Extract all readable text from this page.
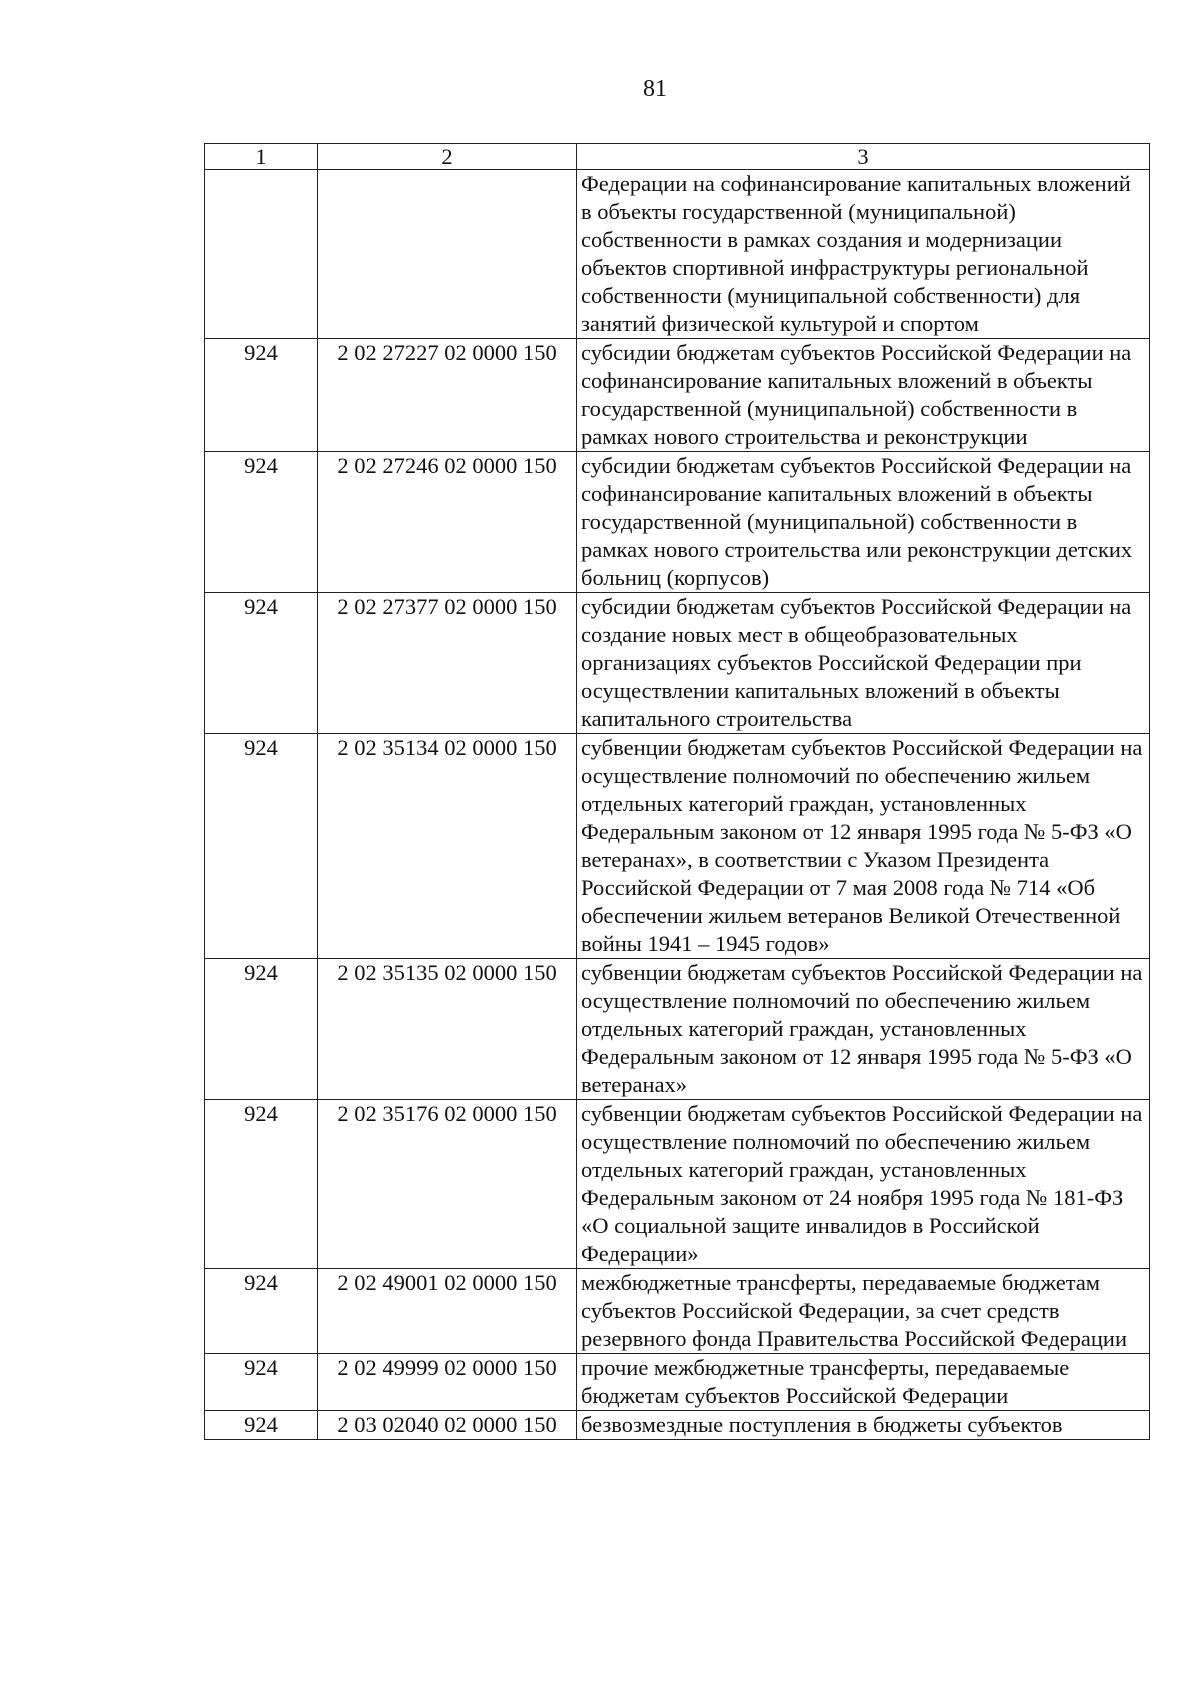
81
1	2	3
		Федерации на софинансирование капитальных вложений в объекты государственной (муниципальной) собственности в рамках создания и модернизации объектов спортивной инфраструктуры региональной собственности (муниципальной собственности) для занятий физической культурой и спортом
924	2 02 27227 02 0000 150	субсидии бюджетам субъектов Российской Федерации на софинансирование капитальных вложений в объекты государственной (муниципальной) собственности в рамках нового строительства и реконструкции
924	2 02 27246 02 0000 150	субсидии бюджетам субъектов Российской Федерации на софинансирование капитальных вложений в объекты государственной (муниципальной) собственности в рамках нового строительства или реконструкции детских больниц (корпусов)
924	2 02 27377 02 0000 150	субсидии бюджетам субъектов Российской Федерации на создание новых мест в общеобразовательных организациях субъектов Российской Федерации при осуществлении капитальных вложений в объекты капитального строительства
924	2 02 35134 02 0000 150	субвенции бюджетам субъектов Российской Федерации на осуществление полномочий по обеспечению жильем отдельных категорий граждан, установленных Федеральным законом от 12 января 1995 года № 5-ФЗ «О ветеранах», в соответствии с Указом Президента Российской Федерации от 7 мая 2008 года № 714 «Об обеспечении жильем ветеранов Великой Отечественной войны 1941 – 1945 годов»
924	2 02 35135 02 0000 150	субвенции бюджетам субъектов Российской Федерации на осуществление полномочий по обеспечению жильем отдельных категорий граждан, установленных Федеральным законом от 12 января 1995 года № 5-ФЗ «О ветеранах»
924	2 02 35176 02 0000 150	субвенции бюджетам субъектов Российской Федерации на осуществление полномочий по обеспечению жильем отдельных категорий граждан, установленных Федеральным законом от 24 ноября 1995 года № 181-ФЗ «О социальной защите инвалидов в Российской Федерации»
924	2 02 49001 02 0000 150	межбюджетные трансферты, передаваемые бюджетам субъектов Российской Федерации, за счет средств резервного фонда Правительства Российской Федерации
924	2 02 49999 02 0000 150	прочие межбюджетные трансферты, передаваемые бюджетам субъектов Российской Федерации
924	2 03 02040 02 0000 150	безвозмездные поступления в бюджеты субъектов
